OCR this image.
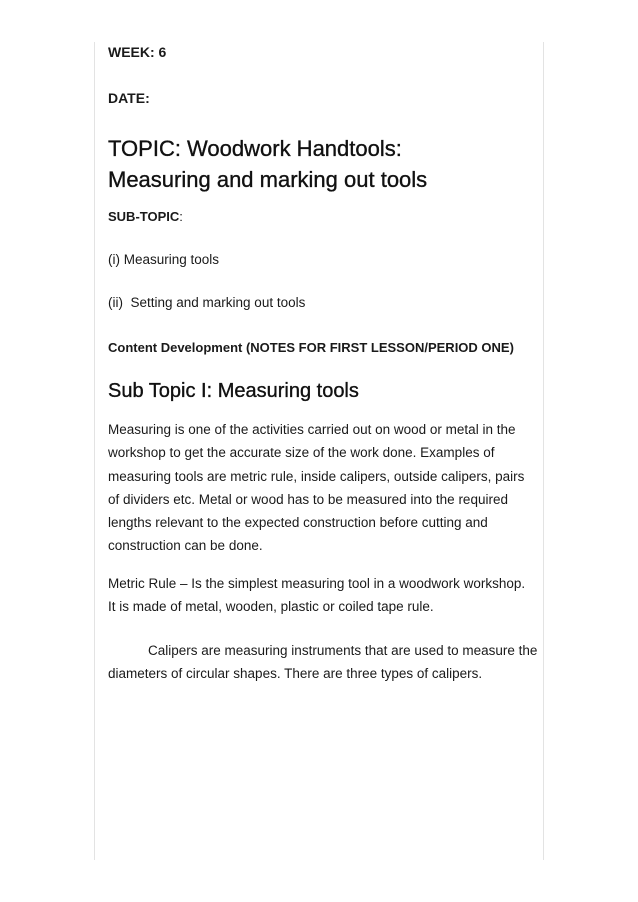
WEEK: 6
DATE:
TOPIC: Woodwork Handtools:
Measuring and marking out tools
SUB-TOPIC:
(i) Measuring tools
(ii)  Setting and marking out tools
Content Development (NOTES FOR FIRST LESSON/PERIOD ONE)
Sub Topic I: Measuring tools

Measuring is one of the activities carried out on wood or metal in the
workshop to get the accurate size of the work done. Examples of
measuring tools are metric rule, inside calipers, outside calipers, pairs
of dividers etc. Metal or wood has to be measured into the required
lengths relevant to the expected construction before cutting and
construction can be done.

Metric Rule – Is the simplest measuring tool in a woodwork workshop.
It is made of metal, wooden, plastic or coiled tape rule.

Calipers are measuring instruments that are used to measure the
diameters of circular shapes. There are three types of calipers.
